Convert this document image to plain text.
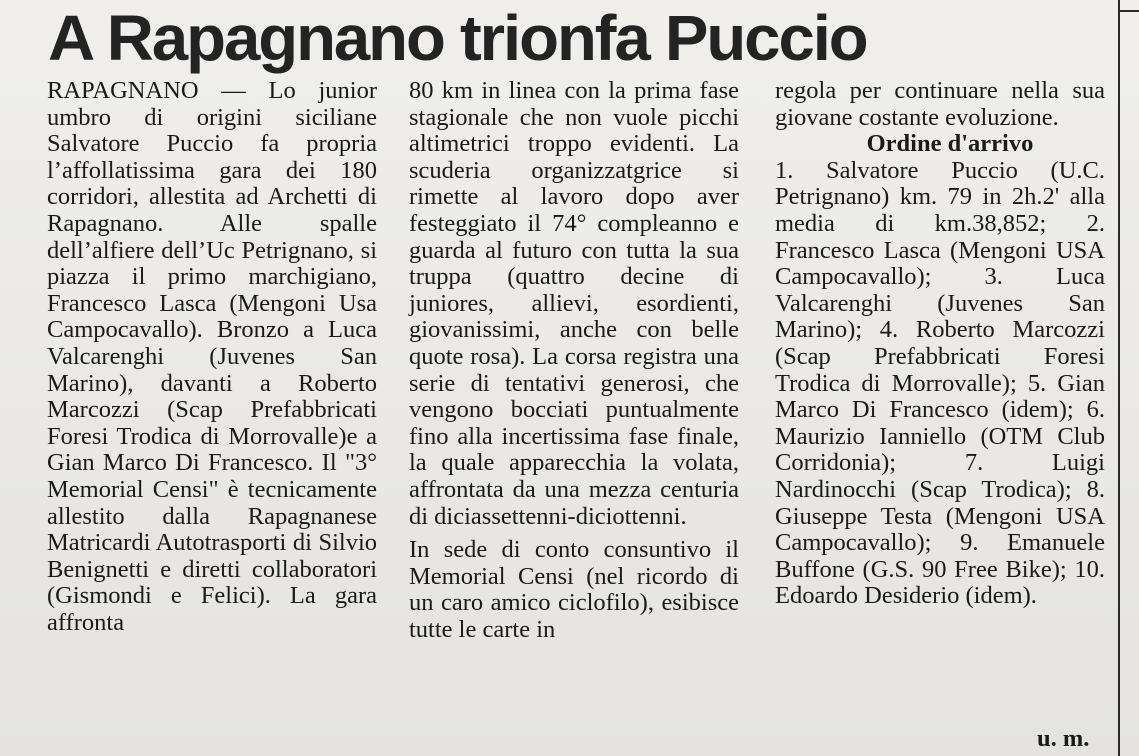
A Rapagnano trionfa Puccio

RAPAGNANO — Lo junior umbro di origini siciliane Salvatore Puccio fa propria l’affollatissima gara dei 180 corridori, allestita ad Archetti di Rapagnano. Alle spalle dell’alfiere dell’Uc Petrignano, si piazza il primo marchigiano, Francesco Lasca (Mengoni Usa Campocavallo). Bronzo a Luca Valcarenghi (Juvenes San Marino), davanti a Roberto Marcozzi (Scap Prefabbricati Foresi Trodica di Morrovalle)e a Gian Marco Di Francesco. Il "3° Memorial Censi" è tecnicamente allestito dalla Rapagnanese Matricardi Autotrasporti di Silvio Benignetti e diretti collaboratori (Gismondi e Felici). La gara affronta

80 km in linea con la prima fase stagionale che non vuole picchi altimetrici troppo evidenti. La scuderia organizzatgrice si rimette al lavoro dopo aver festeggiato il 74° compleanno e guarda al futuro con tutta la sua truppa (quattro decine di juniores, allievi, esordienti, giovanissimi, anche con belle quote rosa). La corsa registra una serie di tentativi generosi, che vengono bocciati puntualmente fino alla incertissima fase finale, la quale apparecchia la volata, affrontata da una mezza centuria di diciassettenni-diciottenni.

In sede di conto consuntivo il Memorial Censi (nel ricordo di un caro amico ciclofilo), esibisce tutte le carte in

regola per continuare nella sua giovane costante evoluzione.

Ordine d'arrivo

1. Salvatore Puccio (U.C. Petrignano) km. 79 in 2h.2' alla media di km.38,852; 2. Francesco Lasca (Mengoni USA Campocavallo); 3. Luca Valcarenghi (Juvenes San Marino); 4. Roberto Marcozzi (Scap Prefabbricati Foresi Trodica di Morrovalle); 5. Gian Marco Di Francesco (idem); 6. Maurizio Ianniello (OTM Club Corridonia); 7. Luigi Nardinocchi (Scap Trodica); 8. Giuseppe Testa (Mengoni USA Campocavallo); 9. Emanuele Buffone (G.S. 90 Free Bike); 10. Edoardo Desiderio (idem).

u. m.
